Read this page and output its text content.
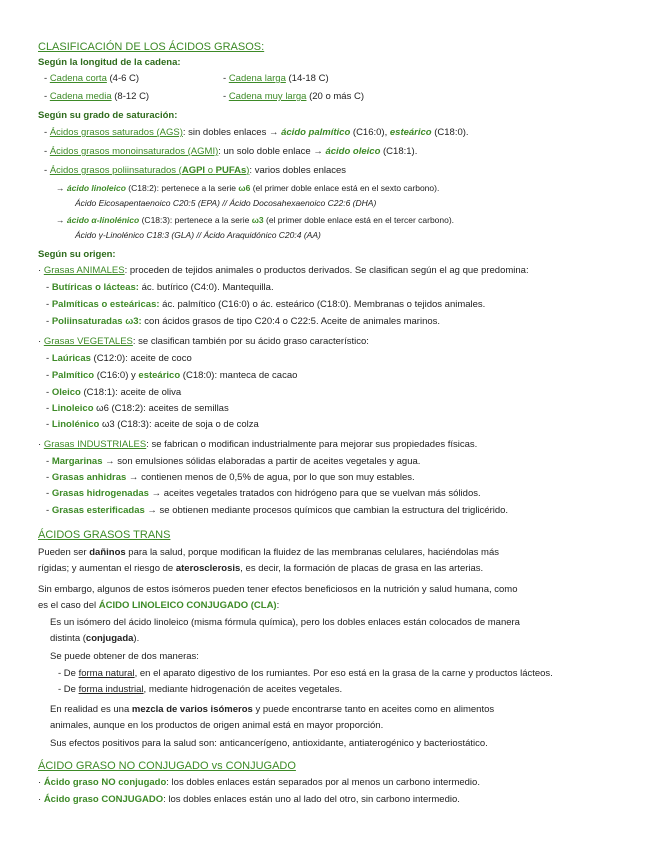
CLASIFICACIÓN DE LOS ÁCIDOS GRASOS:
Según la longitud de la cadena:
- Cadena corta (4-6 C)	- Cadena larga (14-18 C)
- Cadena media (8-12 C)	- Cadena muy larga (20 o más C)
Según su grado de saturación:
- Ácidos grasos saturados (AGS): sin dobles enlaces → ácido palmítico (C16:0), esteárico (C18:0).
- Ácidos grasos monoinsaturados (AGMI): un solo doble enlace → ácido oleico (C18:1).
- Ácidos grasos poliinsaturados (AGPI o PUFAs): varios dobles enlaces
→ ácido linoleico (C18:2): pertenece a la serie ω6 (el primer doble enlace está en el sexto carbono).
Ácido Eicosapentaenoico C20:5 (EPA) // Ácido Docosahexaenoico C22:6 (DHA)
→ ácido α-linolénico (C18:3): pertenece a la serie ω3 (el primer doble enlace está en el tercer carbono).
Ácido γ-Linolénico C18:3 (GLA) // Ácido Araquidónico C20:4 (AA)
Según su origen:
· Grasas ANIMALES: proceden de tejidos animales o productos derivados. Se clasifican según el ag que predomina:
- Butíricas o lácteas: ác. butírico (C4:0). Mantequilla.
- Palmíticas o esteáricas: ác. palmítico (C16:0) o ác. esteárico (C18:0). Membranas o tejidos animales.
- Poliinsaturadas ω3: con ácidos grasos de tipo C20:4 o C22:5. Aceite de animales marinos.
· Grasas VEGETALES: se clasifican también por su ácido graso característico:
- Laúricas (C12:0): aceite de coco
- Palmítico (C16:0) y esteárico (C18:0): manteca de cacao
- Oleico (C18:1): aceite de oliva
- Linoleico ω6 (C18:2): aceites de semillas
- Linolénico ω3 (C18:3): aceite de soja o de colza
· Grasas INDUSTRIALES: se fabrican o modifican industrialmente para mejorar sus propiedades físicas.
- Margarinas → son emulsiones sólidas elaboradas a partir de aceites vegetales y agua.
- Grasas anhidras → contienen menos de 0,5% de agua, por lo que son muy estables.
- Grasas hidrogenadas → aceites vegetales tratados con hidrógeno para que se vuelvan más sólidos.
- Grasas esterificadas → se obtienen mediante procesos químicos que cambian la estructura del triglicérido.
ÁCIDOS GRASOS TRANS
Pueden ser dañinos para la salud, porque modifican la fluidez de las membranas celulares, haciéndolas más
rígidas; y aumentan el riesgo de aterosclerosis, es decir, la formación de placas de grasa en las arterias.
Sin embargo, algunos de estos isómeros pueden tener efectos beneficiosos en la nutrición y salud humana, como
es el caso del ÁCIDO LINOLEICO CONJUGADO (CLA):
Es un isómero del ácido linoleico (misma fórmula química), pero los dobles enlaces están colocados de manera
distinta (conjugada).
Se puede obtener de dos maneras:
- De forma natural, en el aparato digestivo de los rumiantes. Por eso está en la grasa de la carne y productos lácteos.
- De forma industrial, mediante hidrogenación de aceites vegetales.
En realidad es una mezcla de varios isómeros y puede encontrarse tanto en aceites como en alimentos
animales, aunque en los productos de origen animal está en mayor proporción.
Sus efectos positivos para la salud son: anticancerígeno, antioxidante, antiaterogénico y bacteriostático.
ÁCIDO GRASO NO CONJUGADO vs CONJUGADO
· Ácido graso NO conjugado: los dobles enlaces están separados por al menos un carbono intermedio.
· Ácido graso CONJUGADO: los dobles enlaces están uno al lado del otro, sin carbono intermedio.
